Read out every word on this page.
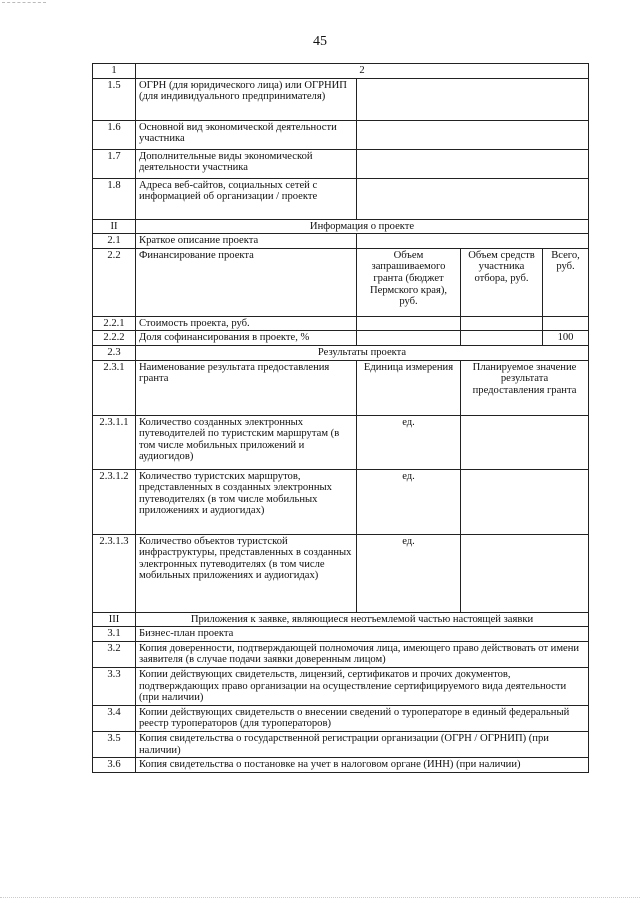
45
1	2			
1.5	ОГРН (для юридического лица) или ОГРНИП (для индивидуального предпринимателя)			
1.6	Основной вид экономической деятельности участника			
1.7	Дополнительные виды экономической деятельности участника			
1.8	Адреса веб-сайтов, социальных сетей с информацией об организации / проекте			
II	Информация о проекте			
2.1	Краткое описание проекта			
2.2	Финансирование проекта	Объем запрашиваемого гранта (бюджет Пермского края), руб.	Объем средств участника отбора, руб.	Всего, руб.
2.2.1	Стоимость проекта, руб.			
2.2.2	Доля софинансирования в проекте, %			100
2.3	Результаты проекта			
2.3.1	Наименование результата предоставления гранта	Единица измерения	Планируемое значение результата предоставления гранта	
2.3.1.1	Количество созданных электронных путеводителей по туристским маршрутам (в том числе мобильных приложений и аудиогидов)	ед.		
2.3.1.2	Количество туристских маршрутов, представленных в созданных электронных путеводителях (в том числе мобильных приложениях и аудиогидах)	ед.		
2.3.1.3	Количество объектов туристской инфраструктуры, представленных в созданных электронных путеводителях (в том числе мобильных приложениях и аудиогидах)	ед.		
III	Приложения к заявке, являющиеся неотъемлемой частью настоящей заявки			
3.1	Бизнес-план проекта			
3.2	Копия доверенности, подтверждающей полномочия лица, имеющего право действовать от имени заявителя (в случае подачи заявки доверенным лицом)			
3.3	Копии действующих свидетельств, лицензий, сертификатов и прочих документов, подтверждающих право организации на осуществление сертифицируемого вида деятельности (при наличии)			
3.4	Копии действующих свидетельств о внесении сведений о туроператоре в единый федеральный реестр туроператоров (для туроператоров)			
3.5	Копия свидетельства о государственной регистрации организации (ОГРН / ОГРНИП) (при наличии)			
3.6	Копия свидетельства о постановке на учет в налоговом органе (ИНН) (при наличии)			
